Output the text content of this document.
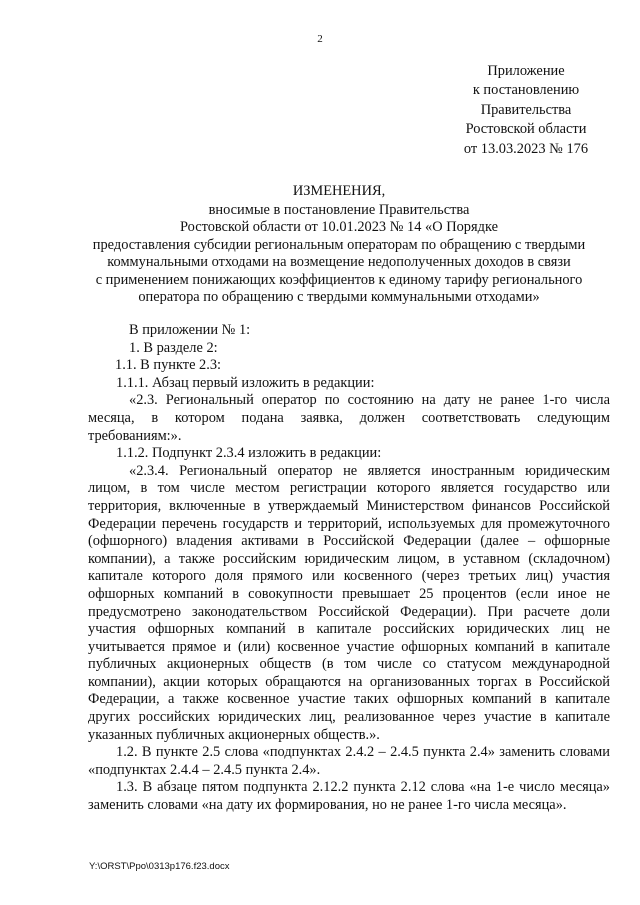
2
Приложение
к постановлению
Правительства
Ростовской области
от 13.03.2023 № 176
ИЗМЕНЕНИЯ,
вносимые в постановление Правительства
Ростовской области от 10.01.2023 № 14 «О Порядке
предоставления субсидии региональным операторам по обращению с твердыми
коммунальными отходами на возмещение недополученных доходов в связи
с применением понижающих коэффициентов к единому тарифу регионального
оператора по обращению с твердыми коммунальными отходами»

В приложении № 1:

1. В разделе 2:

1.1. В пункте 2.3:

1.1.1. Абзац первый изложить в редакции:

«2.3. Региональный оператор по состоянию на дату не ранее 1-го числа месяца, в котором подана заявка, должен соответствовать следующим требованиям:».

1.1.2. Подпункт 2.3.4 изложить в редакции:

«2.3.4. Региональный оператор не является иностранным юридическим лицом, в том числе местом регистрации которого является государство или территория, включенные в утверждаемый Министерством финансов Российской Федерации перечень государств и территорий, используемых для промежуточного (офшорного) владения активами в Российской Федерации (далее – офшорные компании), а также российским юридическим лицом, в уставном (складочном) капитале которого доля прямого или косвенного (через третьих лиц) участия офшорных компаний в совокупности превышает 25 процентов (если иное не предусмотрено законодательством Российской Федерации). При расчете доли участия офшорных компаний в капитале российских юридических лиц не учитывается прямое и (или) косвенное участие офшорных компаний в капитале публичных акционерных обществ (в том числе со статусом международной компании), акции которых обращаются на организованных торгах в Российской Федерации, а также косвенное участие таких офшорных компаний в капитале других российских юридических лиц, реализованное через участие в капитале указанных публичных акционерных обществ.».

1.2. В пункте 2.5 слова «подпунктах 2.4.2 – 2.4.5 пункта 2.4» заменить словами «подпунктах 2.4.4 – 2.4.5 пункта 2.4».

1.3. В абзаце пятом подпункта 2.12.2 пункта 2.12 слова «на 1-е число месяца» заменить словами «на дату их формирования, но не ранее 1-го числа месяца».

Y:\ORST\Ppo\0313p176.f23.docx
